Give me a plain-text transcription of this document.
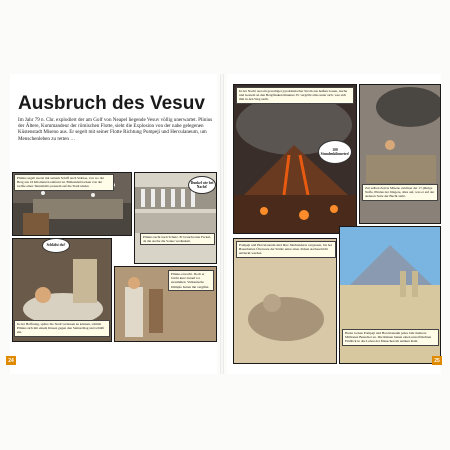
Ausbruch des Vesuv
Im Jahr 79 n. Chr. explodiert der am Golf von Neapel liegende Vesuv völlig unerwartet. Plinius der Ältere, Kommandeur der römischen Flotte, sieht die Explosion von der nahe gelegenen Küstenstadt Miseno aus. Er segelt mit seiner Flotte Richtung Pompeji und Herculaneum, um Menschenleben zu retten …
Plinius segelt zuerst mit seinem Schiff nach Stabiae, von wo der Berg aus 16 Kilometern entfernt ist. Bimssteinbrocken von der Größe eines Tennisballs prasseln auf die Stadt nieder.
Dunkel wie bei Nacht!
Plinius sucht nach Schutz. Er braucht eine Fackel, da die Asche die Sonne verdunkelt.
Schläfst du?
In der Hoffnung, später die Stadt verlassen zu können, schützt Plinius sich mit einem Kissen gegen den Steinschlag und schläft ein.
Plinius erwacht. Doch er bricht kurz darauf tot zusammen. Vulkanische Dämpfe hatten ihn vergiftet.
24
In der Nacht rast ein gewaltiger pyroklastischer Strom aus heißen Gasen, Asche und Gestein an den Bergflanken hinunter. Er vergräbt alles unter sich, was sich ihm in den Weg stellt.
100 Stundenkilometer!
Zur selben Zeit in Miseno zeichnet der 17-jährige Neffe, Plinius der Jüngere, alles auf, was er auf der anderen Seite der Bucht sieht.
Pompeji und Herculaneum sind über Jahrhunderte vergessen, bis bei Bauarbeiten Überreste der Städte unter einer dicken Ascheschicht entdeckt werden.
Heute locken Pompeji und Herculaneum jedes Jahr mehrere Millionen Besucher an. Die Ruinen bieten einen unverfälschten Einblick in das Leben der Menschen im antiken Rom.
25
